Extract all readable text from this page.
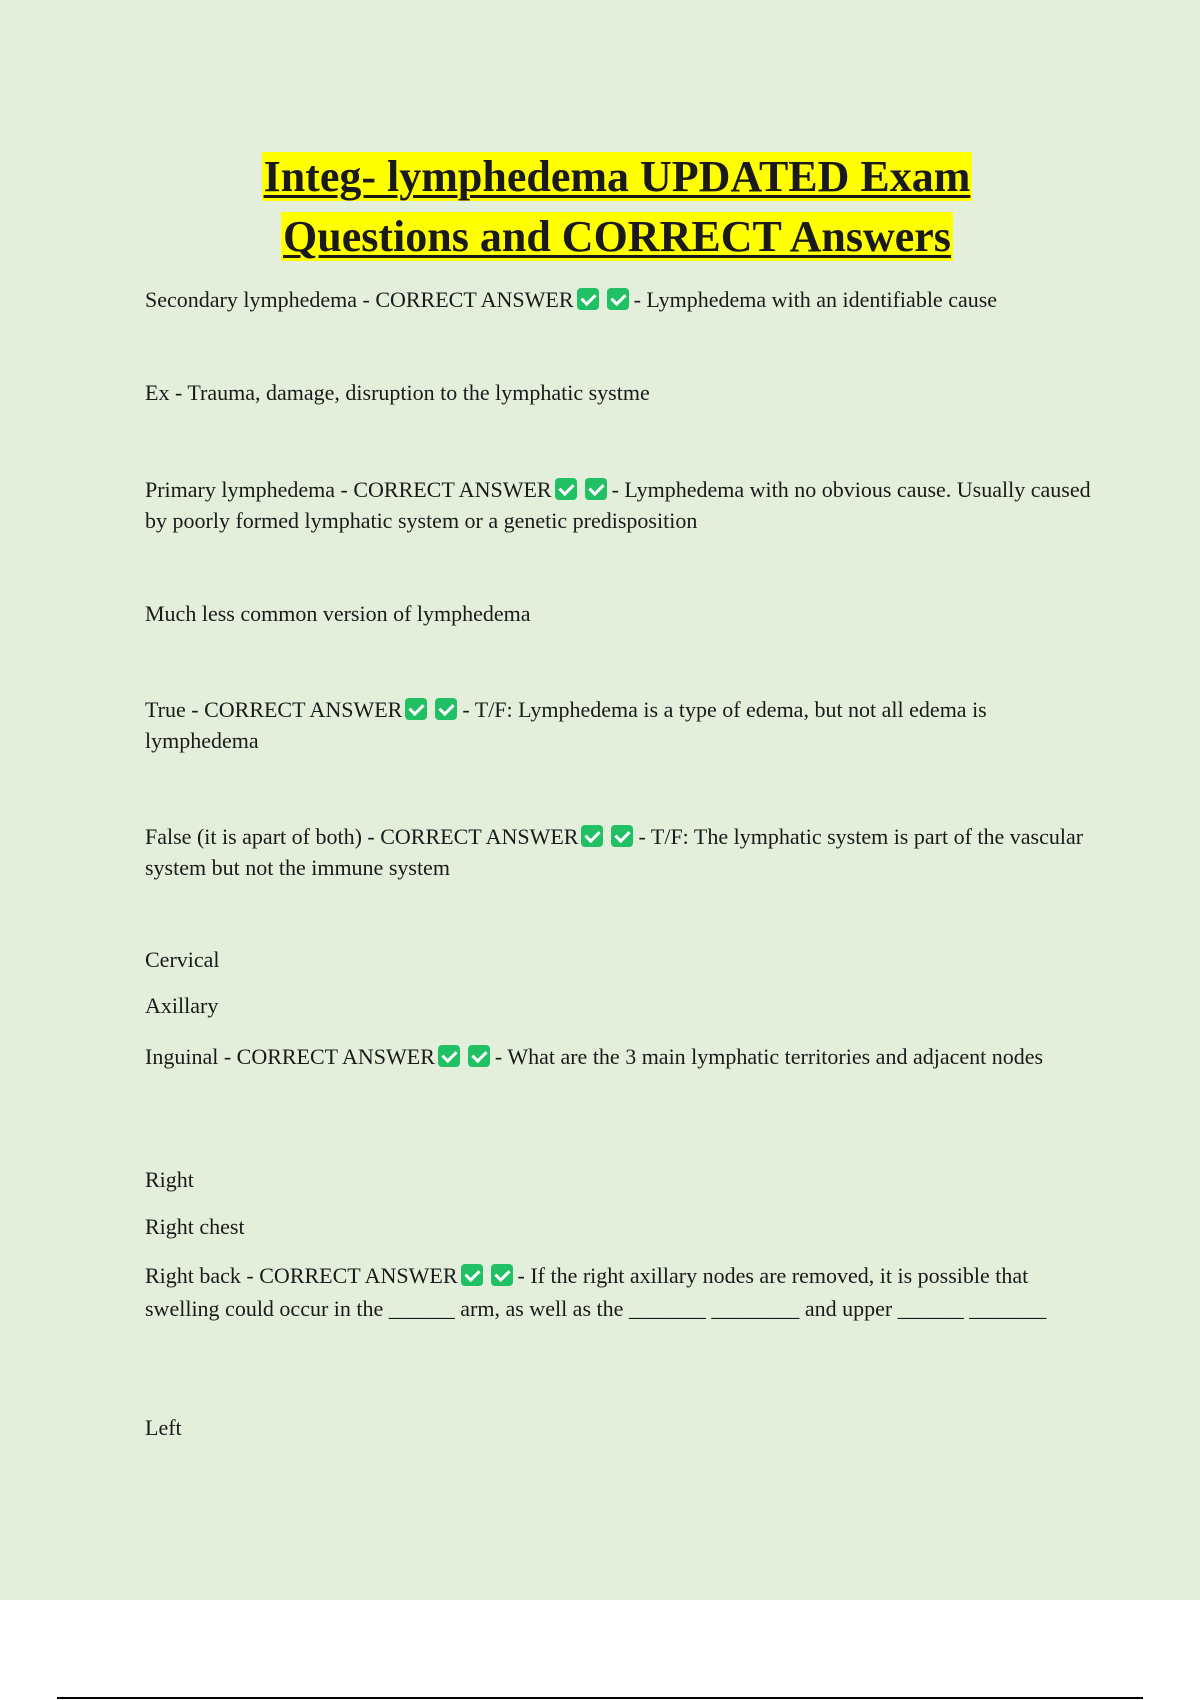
Integ- lymphedema UPDATED Exam
Questions and CORRECT Answers
Secondary lymphedema - CORRECT ANSWER	- Lymphedema with an identifiable cause
Ex - Trauma, damage, disruption to the lymphatic systme
Primary lymphedema - CORRECT ANSWER	- Lymphedema with no obvious cause. Usually caused by poorly formed lymphatic system or a genetic predisposition
Much less common version of lymphedema
True - CORRECT ANSWER	- T/F: Lymphedema is a type of edema, but not all edema is lymphedema
False (it is apart of both) - CORRECT ANSWER	- T/F: The lymphatic system is part of the vascular system but not the immune system
Cervical
Axillary
Inguinal - CORRECT ANSWER	- What are the 3 main lymphatic territories and adjacent nodes
Right
Right chest
Right back - CORRECT ANSWER	- If the right axillary nodes are removed, it is possible that swelling could occur in the ______ arm, as well as the _______ ________ and upper ______ _______
Left
